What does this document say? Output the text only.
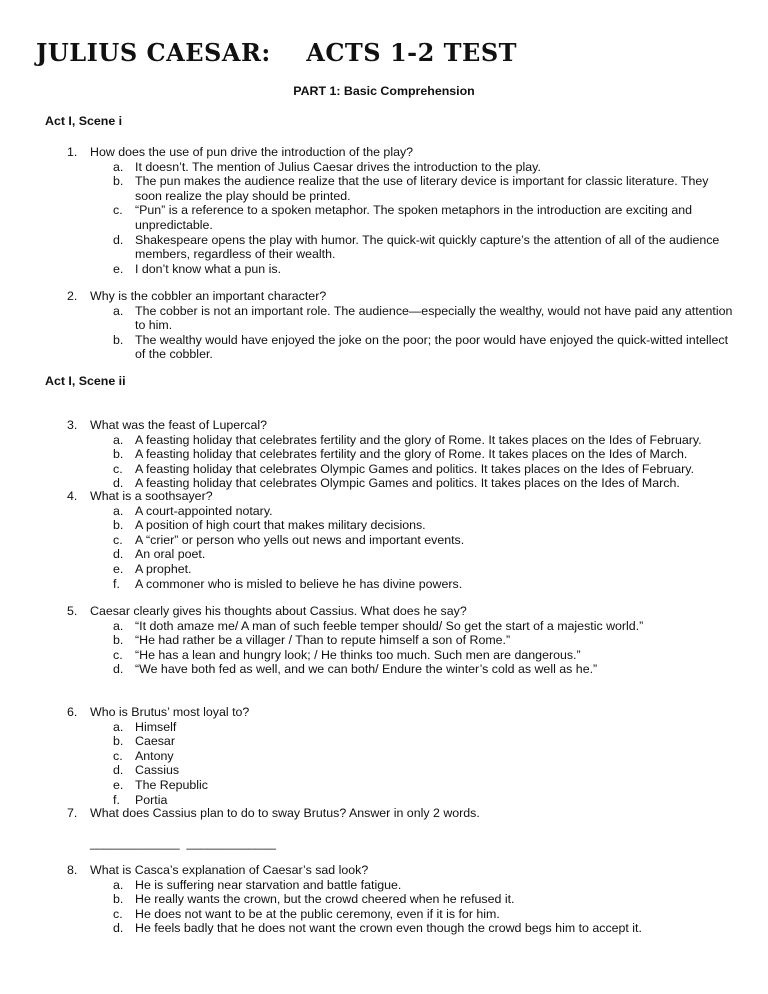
JULIUS CAESAR:    ACTS 1-2 TEST
PART 1: Basic Comprehension
Act I, Scene i
Act I, Scene ii
1. How does the use of pun drive the introduction of the play?
a. It doesn’t. The mention of Julius Caesar drives the introduction to the play.
b. The pun makes the audience realize that the use of literary device is important for classic literature. They soon realize the play should be printed.
c. “Pun” is a reference to a spoken metaphor. The spoken metaphors in the introduction are exciting and unpredictable.
d. Shakespeare opens the play with humor. The quick-wit quickly capture’s the attention of all of the audience members, regardless of their wealth.
e. I don’t know what a pun is.
2. Why is the cobbler an important character?
a. The cobber is not an important role. The audience—especially the wealthy, would not have paid any attention to him.
b. The wealthy would have enjoyed the joke on the poor; the poor would have enjoyed the quick-witted intellect of the cobbler.
3. What was the feast of Lupercal?
a. A feasting holiday that celebrates fertility and the glory of Rome. It takes places on the Ides of February.
b. A feasting holiday that celebrates fertility and the glory of Rome. It takes places on the Ides of March.
c. A feasting holiday that celebrates Olympic Games and politics. It takes places on the Ides of February.
d. A feasting holiday that celebrates Olympic Games and politics. It takes places on the Ides of March.
4. What is a soothsayer?
a. A court-appointed notary.
b. A position of high court that makes military decisions.
c. A “crier” or person who yells out news and important events.
d. An oral poet.
e. A prophet.
f. A commoner who is misled to believe he has divine powers.
5. Caesar clearly gives his thoughts about Cassius. What does he say?
a. “It doth amaze me/ A man of such feeble temper should/ So get the start of a majestic world.”
b. “He had rather be a villager / Than to repute himself a son of Rome.”
c. “He has a lean and hungry look; / He thinks too much. Such men are dangerous.”
d. “We have both fed as well, and we can both/ Endure the winter’s cold as well as he.”
6. Who is Brutus’ most loyal to?
a. Himself
b. Caesar
c. Antony
d. Cassius
e. The Republic
f. Portia
7. What does Cassius plan to do to sway Brutus? Answer in only 2 words.
8. What is Casca’s explanation of Caesar’s sad look?
a. He is suffering near starvation and battle fatigue.
b. He really wants the crown, but the crowd cheered when he refused it.
c. He does not want to be at the public ceremony, even if it is for him.
d. He feels badly that he does not want the crown even though the crowd begs him to accept it.
_____________  _____________
